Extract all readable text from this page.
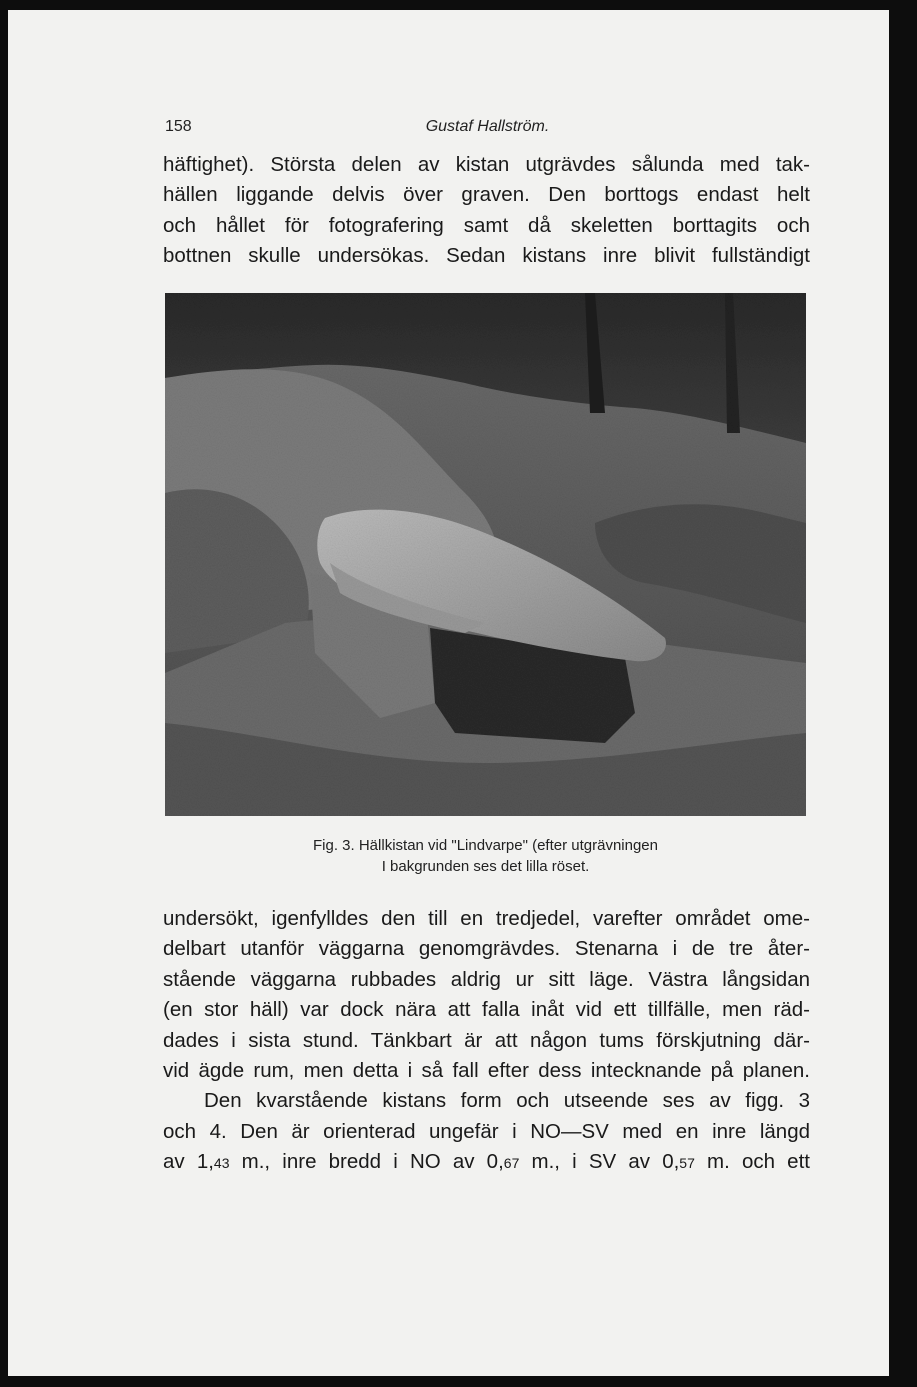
158	Gustaf Hallström.
häftighet). Största delen av kistan utgrävdes sålunda med tak-
hällen liggande delvis över graven. Den borttogs endast helt
och hållet för fotografering samt då skeletten borttagits och
bottnen skulle undersökas. Sedan kistans inre blivit fullständigt
Fig. 3. Hällkistan vid "Lindvarpe" (efter utgrävningen
I bakgrunden ses det lilla röset.
undersökt, igenfylldes den till en tredjedel, varefter området ome-
delbart utanför väggarna genomgrävdes. Stenarna i de tre åter-
stående väggarna rubbades aldrig ur sitt läge. Västra långsidan
(en stor häll) var dock nära att falla inåt vid ett tillfälle, men räd-
dades i sista stund. Tänkbart är att någon tums förskjutning där-
vid ägde rum, men detta i så fall efter dess intecknande på planen.
Den kvarstående kistans form och utseende ses av figg. 3
och 4. Den är orienterad ungefär i NO—SV med en inre längd
av 1,43 m., inre bredd i NO av 0,67 m., i SV av 0,57 m. och ett
